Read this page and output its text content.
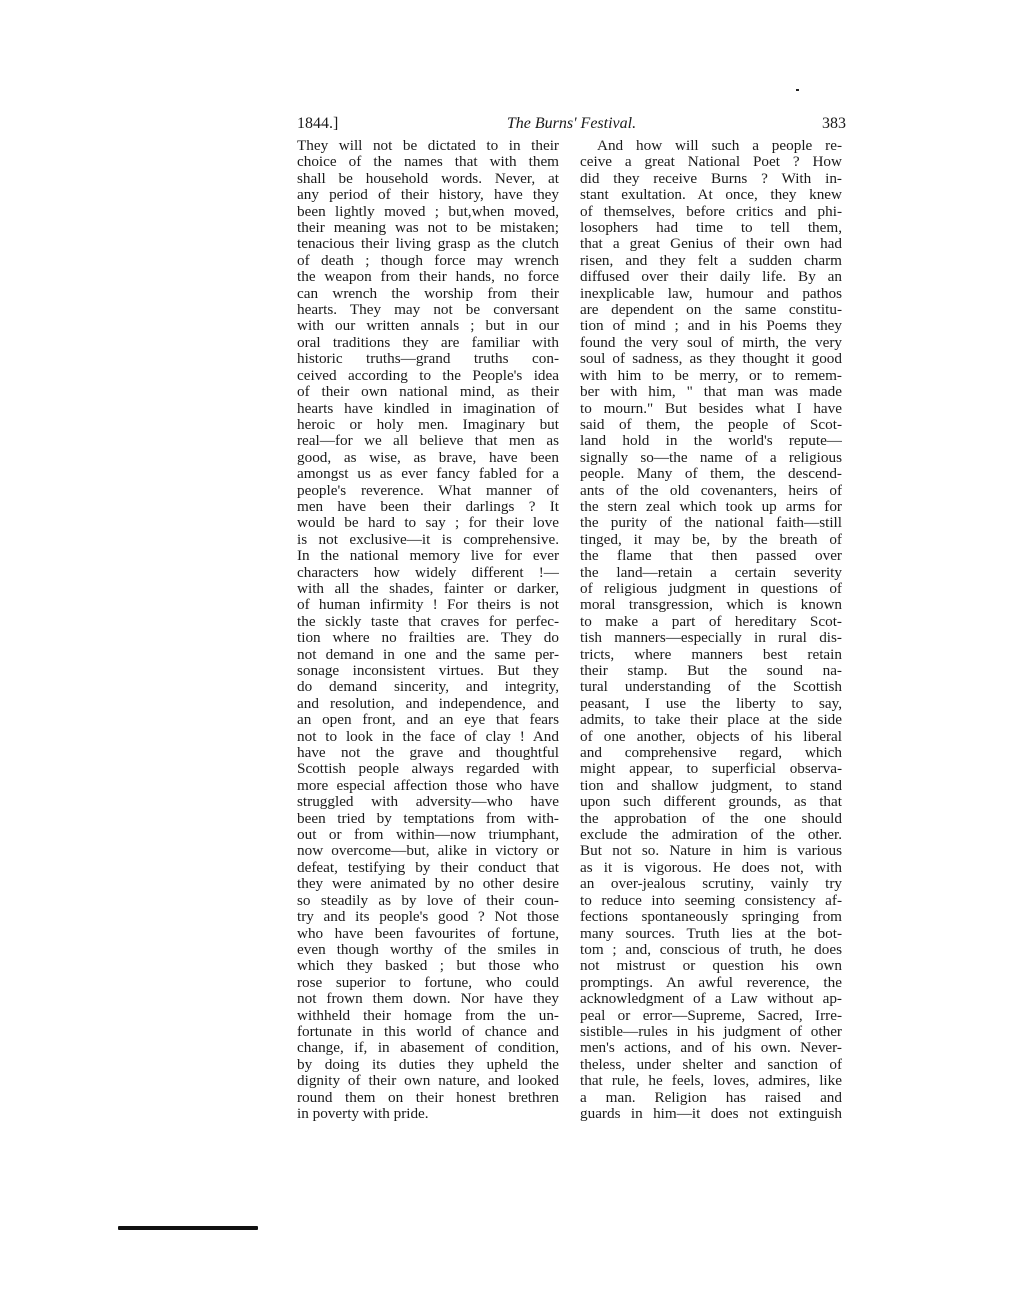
1844.]	The Burns' Festival.	383
They will not be dictated to in their
choice of the names that with them
shall be household words. Never, at
any period of their history, have they
been lightly moved ; but,when moved,
their meaning was not to be mistaken;
tenacious their living grasp as the clutch
of death ; though force may wrench
the weapon from their hands, no force
can wrench the worship from their
hearts. They may not be conversant
with our written annals ; but in our
oral traditions they are familiar with
historic truths—grand truths con-
ceived according to the People's idea
of their own national mind, as their
hearts have kindled in imagination of
heroic or holy men. Imaginary but
real—for we all believe that men as
good, as wise, as brave, have been
amongst us as ever fancy fabled for a
people's reverence. What manner of
men have been their darlings ? It
would be hard to say ; for their love
is not exclusive—it is comprehensive.
In the national memory live for ever
characters how widely different !—
with all the shades, fainter or darker,
of human infirmity ! For theirs is not
the sickly taste that craves for perfec-
tion where no frailties are. They do
not demand in one and the same per-
sonage inconsistent virtues. But they
do demand sincerity, and integrity,
and resolution, and independence, and
an open front, and an eye that fears
not to look in the face of clay ! And
have not the grave and thoughtful
Scottish people always regarded with
more especial affection those who have
struggled with adversity—who have
been tried by temptations from with-
out or from within—now triumphant,
now overcome—but, alike in victory or
defeat, testifying by their conduct that
they were animated by no other desire
so steadily as by love of their coun-
try and its people's good ? Not those
who have been favourites of fortune,
even though worthy of the smiles in
which they basked ; but those who
rose superior to fortune, who could
not frown them down. Nor have they
withheld their homage from the un-
fortunate in this world of chance and
change, if, in abasement of condition,
by doing its duties they upheld the
dignity of their own nature, and looked
round them on their honest brethren
in poverty with pride.
And how will such a people re-
ceive a great National Poet ? How
did they receive Burns ? With in-
stant exultation. At once, they knew
of themselves, before critics and phi-
losophers had time to tell them,
that a great Genius of their own had
risen, and they felt a sudden charm
diffused over their daily life. By an
inexplicable law, humour and pathos
are dependent on the same constitu-
tion of mind ; and in his Poems they
found the very soul of mirth, the very
soul of sadness, as they thought it good
with him to be merry, or to remem-
ber with him, " that man was made
to mourn." But besides what I have
said of them, the people of Scot-
land hold in the world's repute—
signally so—the name of a religious
people. Many of them, the descend-
ants of the old covenanters, heirs of
the stern zeal which took up arms for
the purity of the national faith—still
tinged, it may be, by the breath of
the flame that then passed over
the land—retain a certain severity
of religious judgment in questions of
moral transgression, which is known
to make a part of hereditary Scot-
tish manners—especially in rural dis-
tricts, where manners best retain
their stamp. But the sound na-
tural understanding of the Scottish
peasant, I use the liberty to say,
admits, to take their place at the side
of one another, objects of his liberal
and comprehensive regard, which
might appear, to superficial observa-
tion and shallow judgment, to stand
upon such different grounds, as that
the approbation of the one should
exclude the admiration of the other.
But not so. Nature in him is various
as it is vigorous. He does not, with
an over-jealous scrutiny, vainly try
to reduce into seeming consistency af-
fections spontaneously springing from
many sources. Truth lies at the bot-
tom ; and, conscious of truth, he does
not mistrust or question his own
promptings. An awful reverence, the
acknowledgment of a Law without ap-
peal or error—Supreme, Sacred, Irre-
sistible—rules in his judgment of other
men's actions, and of his own. Never-
theless, under shelter and sanction of
that rule, he feels, loves, admires, like
a man. Religion has raised and
guards in him—it does not extinguish
